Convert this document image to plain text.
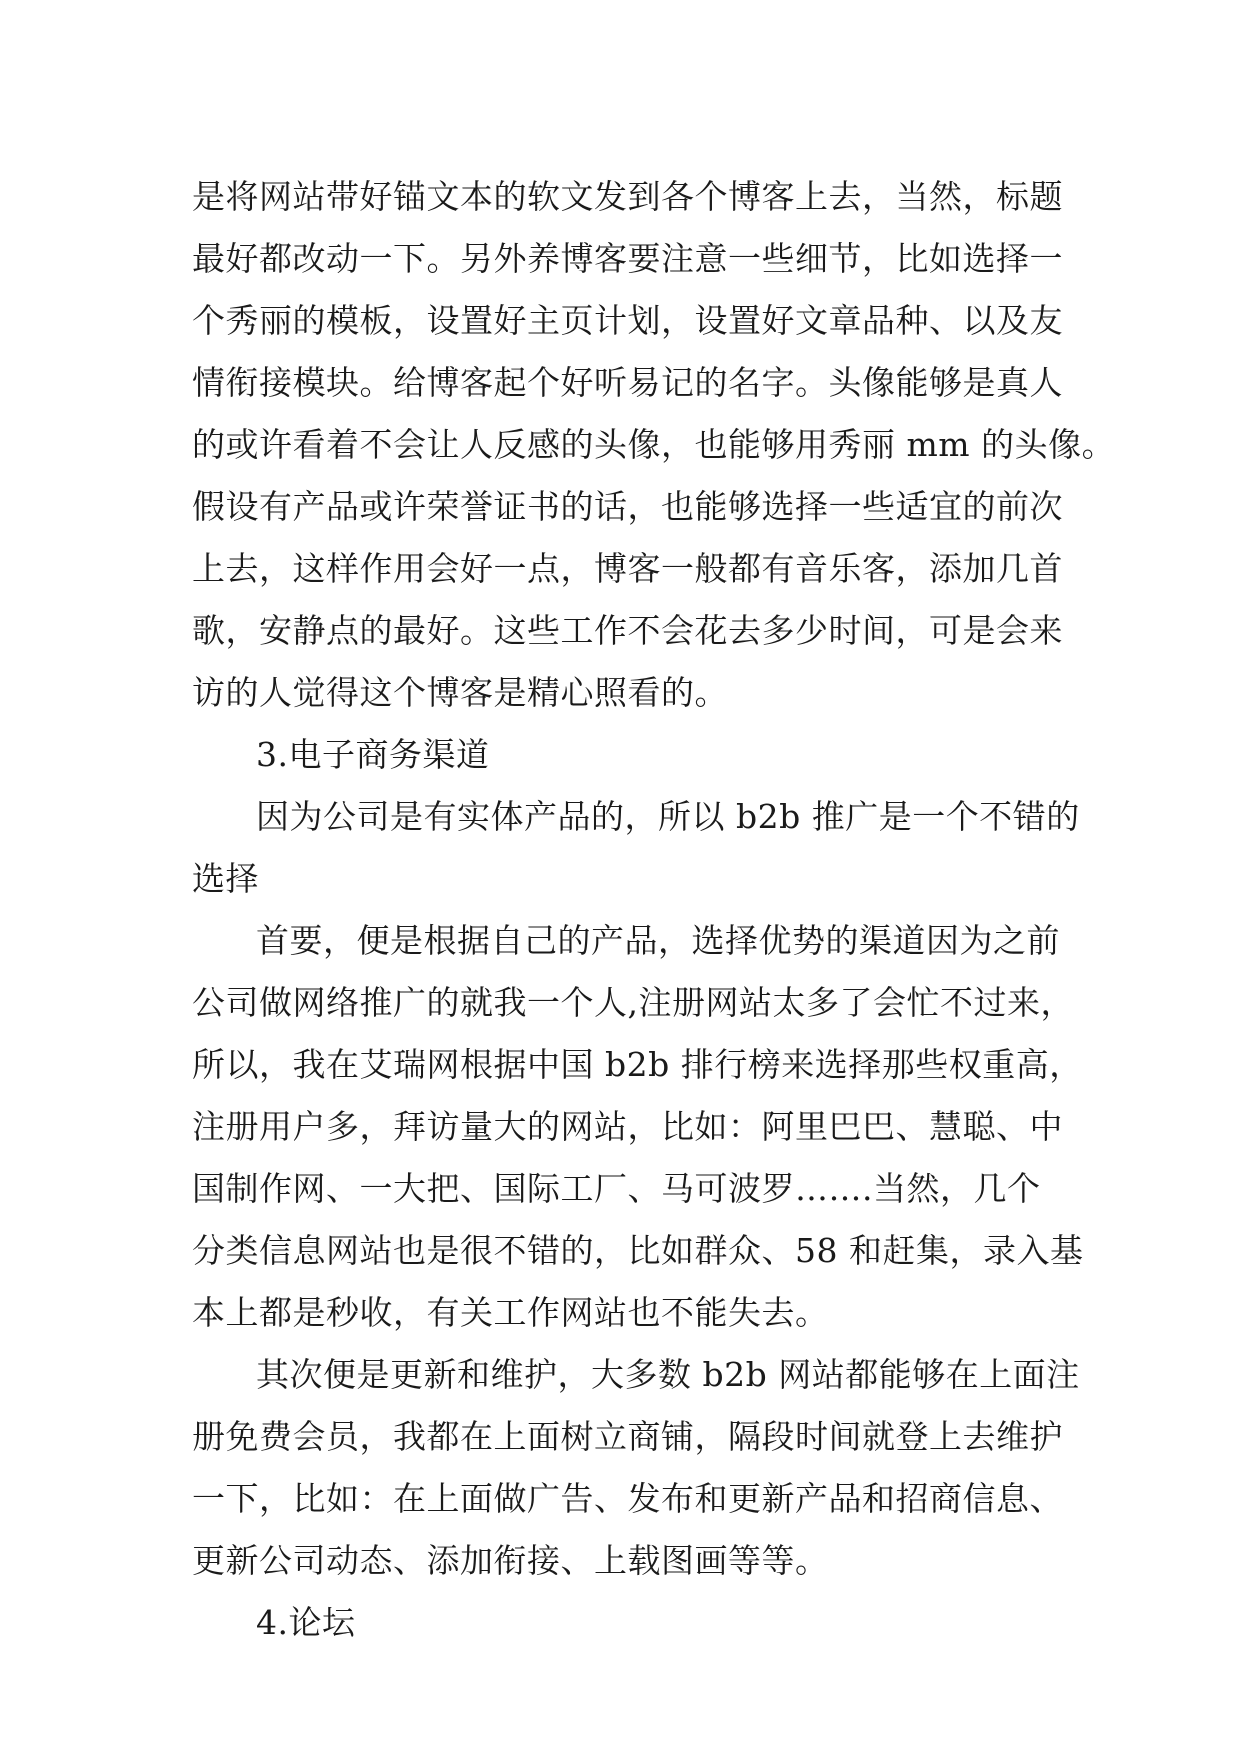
是将网站带好锚文本的软文发到各个博客上去，当然，标题
最好都改动一下。另外养博客要注意一些细节，比如选择一
个秀丽的模板，设置好主页计划，设置好文章品种、以及友
情衔接模块。给博客起个好听易记的名字。头像能够是真人
的或许看着不会让人反感的头像，也能够用秀丽 mm 的头像。
假设有产品或许荣誉证书的话，也能够选择一些适宜的前次
上去，这样作用会好一点，博客一般都有音乐客，添加几首
歌，安静点的最好。这些工作不会花去多少时间，可是会来
访的人觉得这个博客是精心照看的。
3.电子商务渠道
因为公司是有实体产品的，所以 b2b 推广是一个不错的
选择
首要，便是根据自己的产品，选择优势的渠道因为之前
公司做网络推广的就我一个人,注册网站太多了会忙不过来，
所以，我在艾瑞网根据中国 b2b 排行榜来选择那些权重高，
注册用户多，拜访量大的网站，比如：阿里巴巴、慧聪、中
国制作网、一大把、国际工厂、马可波罗…….当然，几个
分类信息网站也是很不错的，比如群众、58 和赶集，录入基
本上都是秒收，有关工作网站也不能失去。
其次便是更新和维护，大多数 b2b 网站都能够在上面注
册免费会员，我都在上面树立商铺，隔段时间就登上去维护
一下，比如：在上面做广告、发布和更新产品和招商信息、
更新公司动态、添加衔接、上载图画等等。
4.论坛
